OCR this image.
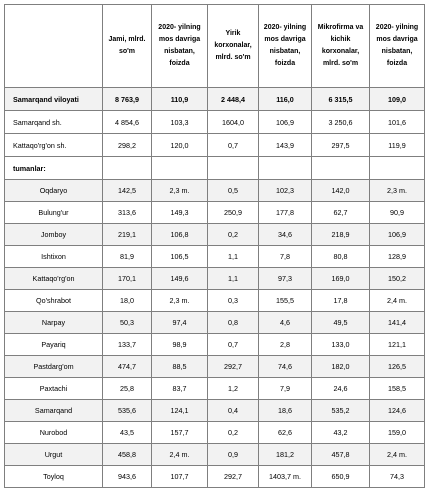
	Jami, mlrd. so'm	2020- yilning mos davriga nisbatan, foizda	Yirik korxonalar, mlrd. so'm	2020- yilning mos davriga nisbatan, foizda	Mikrofirma va kichik korxonalar, mlrd. so'm	2020- yilning mos davriga nisbatan, foizda
Samarqand viloyati	8 763,9	110,9	2 448,4	116,0	6 315,5	109,0
Samarqand sh.	4 854,6	103,3	1604,0	106,9	3 250,6	101,6
Kattaqo'rg'on sh.	298,2	120,0	0,7	143,9	297,5	119,9
tumanlar:						
Oqdaryo	142,5	2,3 m.	0,5	102,3	142,0	2,3 m.
Bulung'ur	313,6	149,3	250,9	177,8	62,7	90,9
Jomboy	219,1	106,8	0,2	34,6	218,9	106,9
Ishtixon	81,9	106,5	1,1	7,8	80,8	128,9
Kattaqo'rg'on	170,1	149,6	1,1	97,3	169,0	150,2
Qo'shrabot	18,0	2,3 m.	0,3	155,5	17,8	2,4 m.
Narpay	50,3	97,4	0,8	4,6	49,5	141,4
Payariq	133,7	98,9	0,7	2,8	133,0	121,1
Pastdarg'om	474,7	88,5	292,7	74,6	182,0	126,5
Paxtachi	25,8	83,7	1,2	7,9	24,6	158,5
Samarqand	535,6	124,1	0,4	18,6	535,2	124,6
Nurobod	43,5	157,7	0,2	62,6	43,2	159,0
Urgut	458,8	2,4 m.	0,9	181,2	457,8	2,4 m.
Toyloq	943,6	107,7	292,7	1403,7 m.	650,9	74,3
